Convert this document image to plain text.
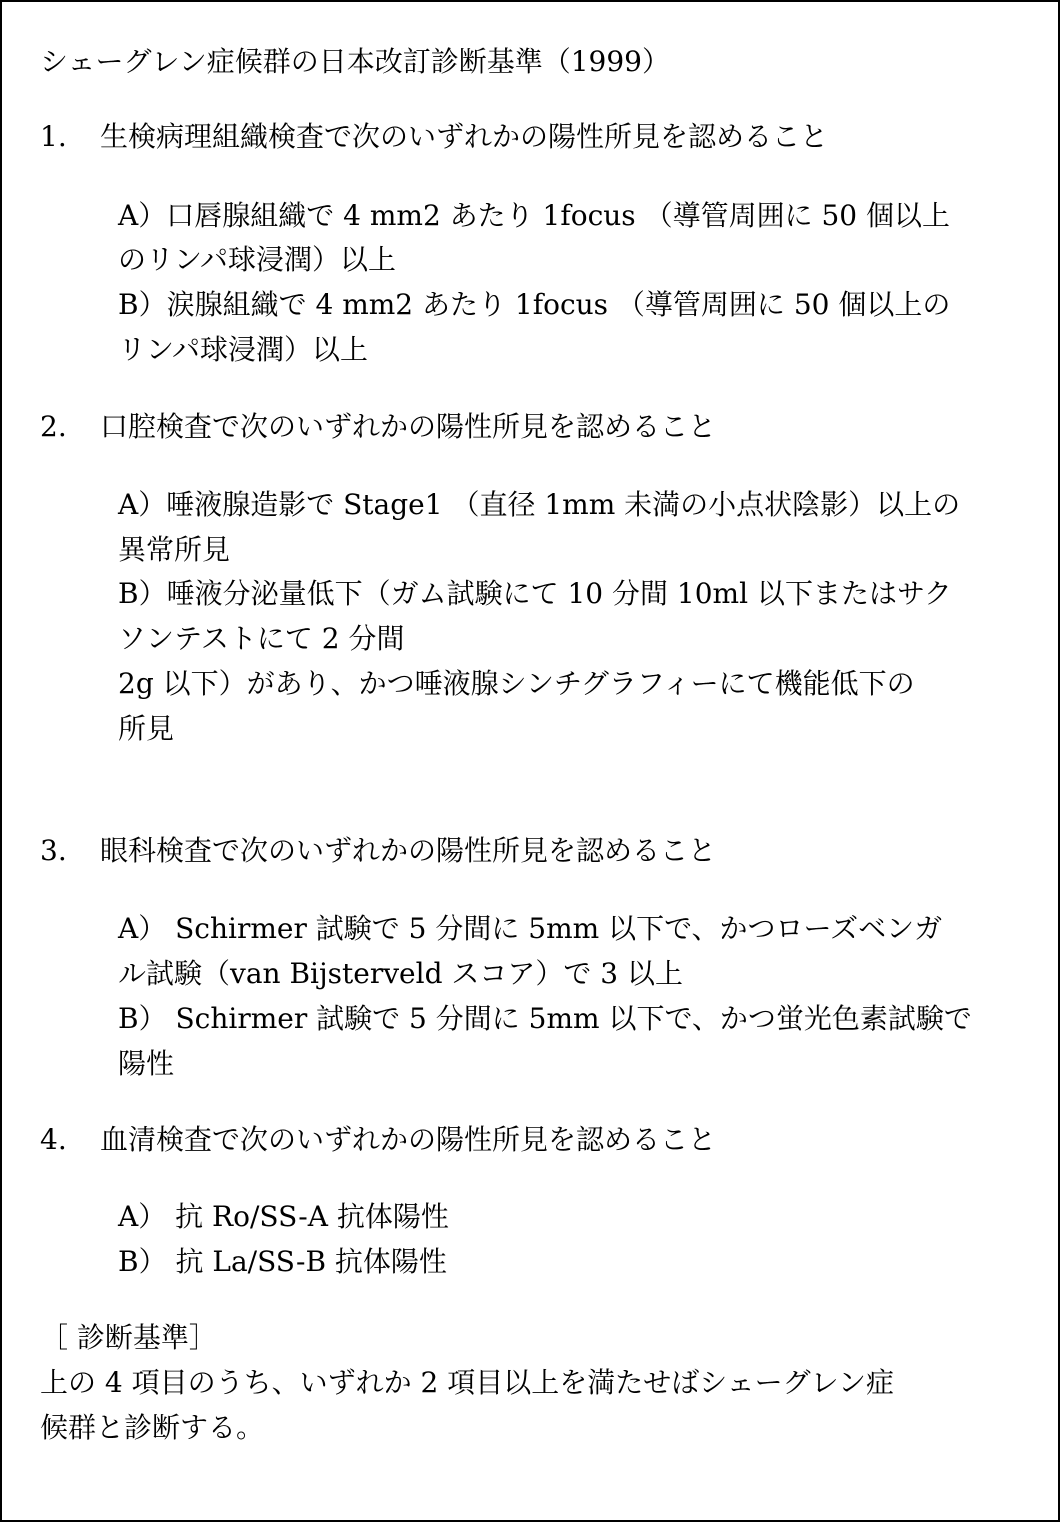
シェーグレン症候群の日本改訂診断基準（1999）
1. 生検病理組織検査で次のいずれかの陽性所見を認めること
A）口唇腺組織で 4 mm2 あたり 1focus （導管周囲に 50 個以上
のリンパ球浸潤）以上
B）涙腺組織で 4 mm2 あたり 1focus （導管周囲に 50 個以上の
リンパ球浸潤）以上
2. 口腔検査で次のいずれかの陽性所見を認めること
A）唾液腺造影で Stage1 （直径 1mm 未満の小点状陰影）以上の
異常所見
B）唾液分泌量低下（ガム試験にて 10 分間 10ml 以下またはサク
ソンテストにて 2 分間
2g 以下）があり、かつ唾液腺シンチグラフィーにて機能低下の
所見
3. 眼科検査で次のいずれかの陽性所見を認めること
A） Schirmer 試験で 5 分間に 5mm 以下で、かつローズベンガ
ル試験（van Bijsterveld スコア）で 3 以上
B） Schirmer 試験で 5 分間に 5mm 以下で、かつ蛍光色素試験で
陽性
4. 血清検査で次のいずれかの陽性所見を認めること
A） 抗 Ro/SS-A 抗体陽性
B） 抗 La/SS-B 抗体陽性
［ 診断基準］
上の 4 項目のうち、いずれか 2 項目以上を満たせばシェーグレン症
候群と診断する。
